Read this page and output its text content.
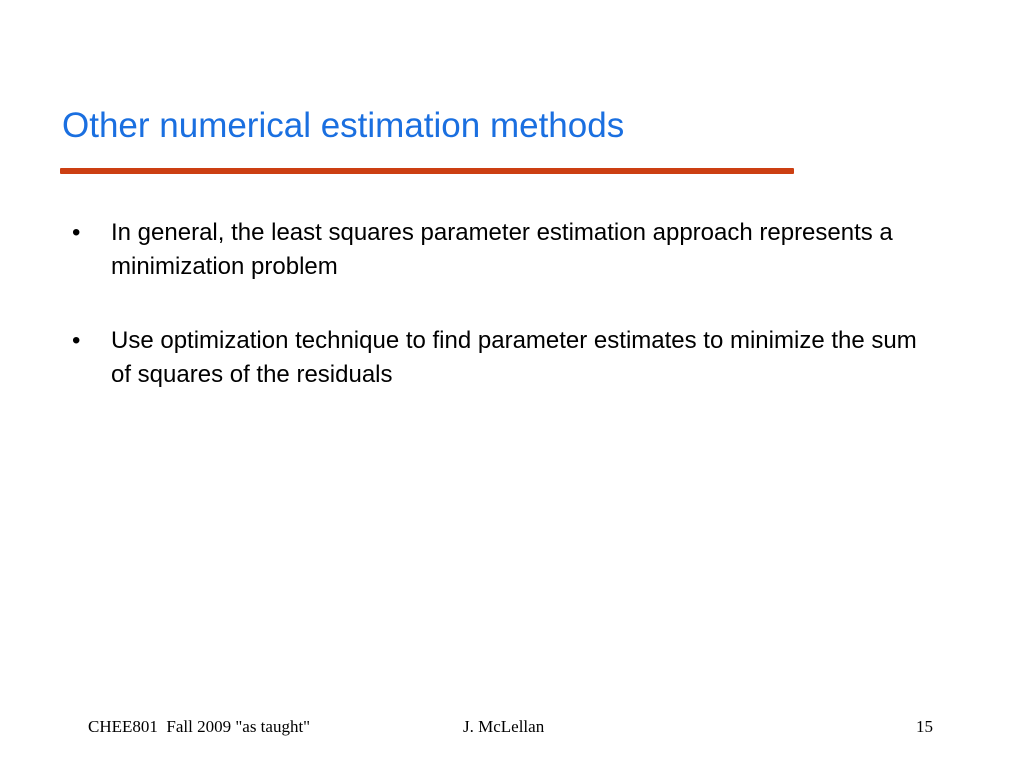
Other numerical estimation methods
• In general, the least squares parameter estimation approach represents a minimization problem
• Use optimization technique to find parameter estimates to minimize the sum of squares of the residuals
CHEE801  Fall 2009 "as taught"	J. McLellan	15
